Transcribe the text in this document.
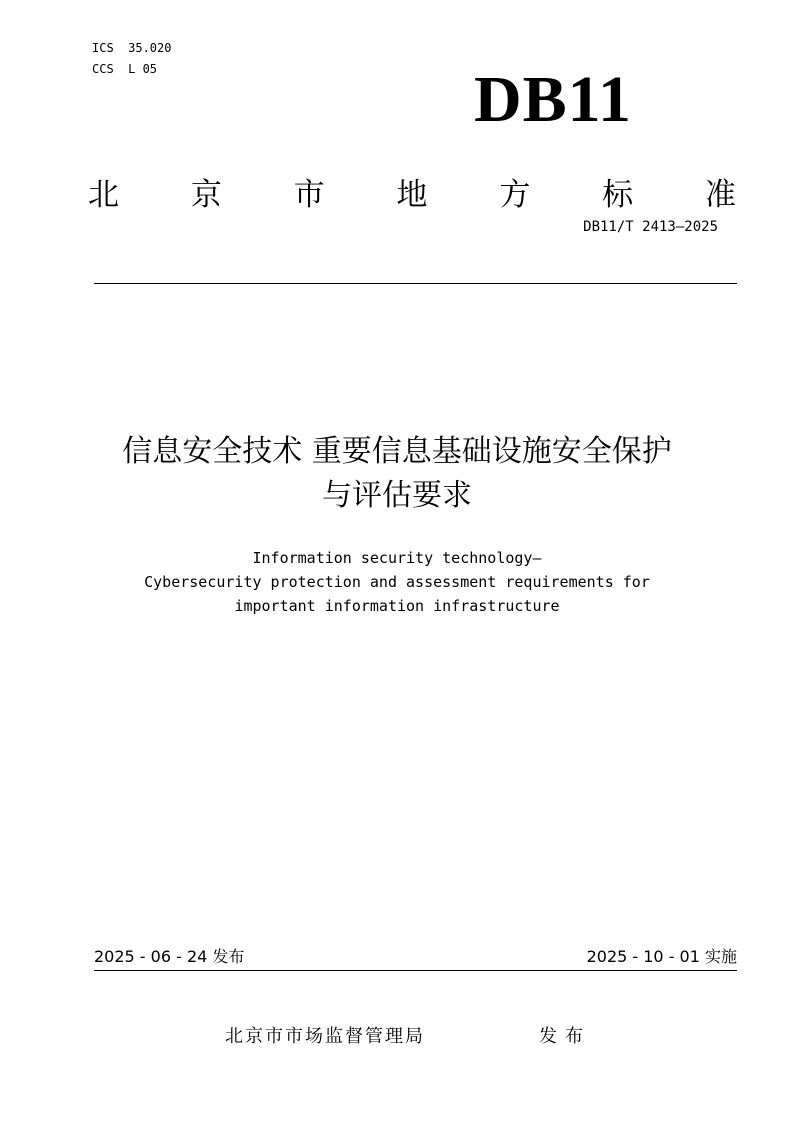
ICS  35.020
CCS  L 05	DB11
北 京 市 地 方 标 准
DB11/T 2413—2025
信息安全技术 重要信息基础设施安全保护
与评估要求
Information security technology—
Cybersecurity protection and assessment requirements for
important information infrastructure
2025 - 06 - 24 发布	2025 - 10 - 01 实施
北京市市场监督管理局	发布
